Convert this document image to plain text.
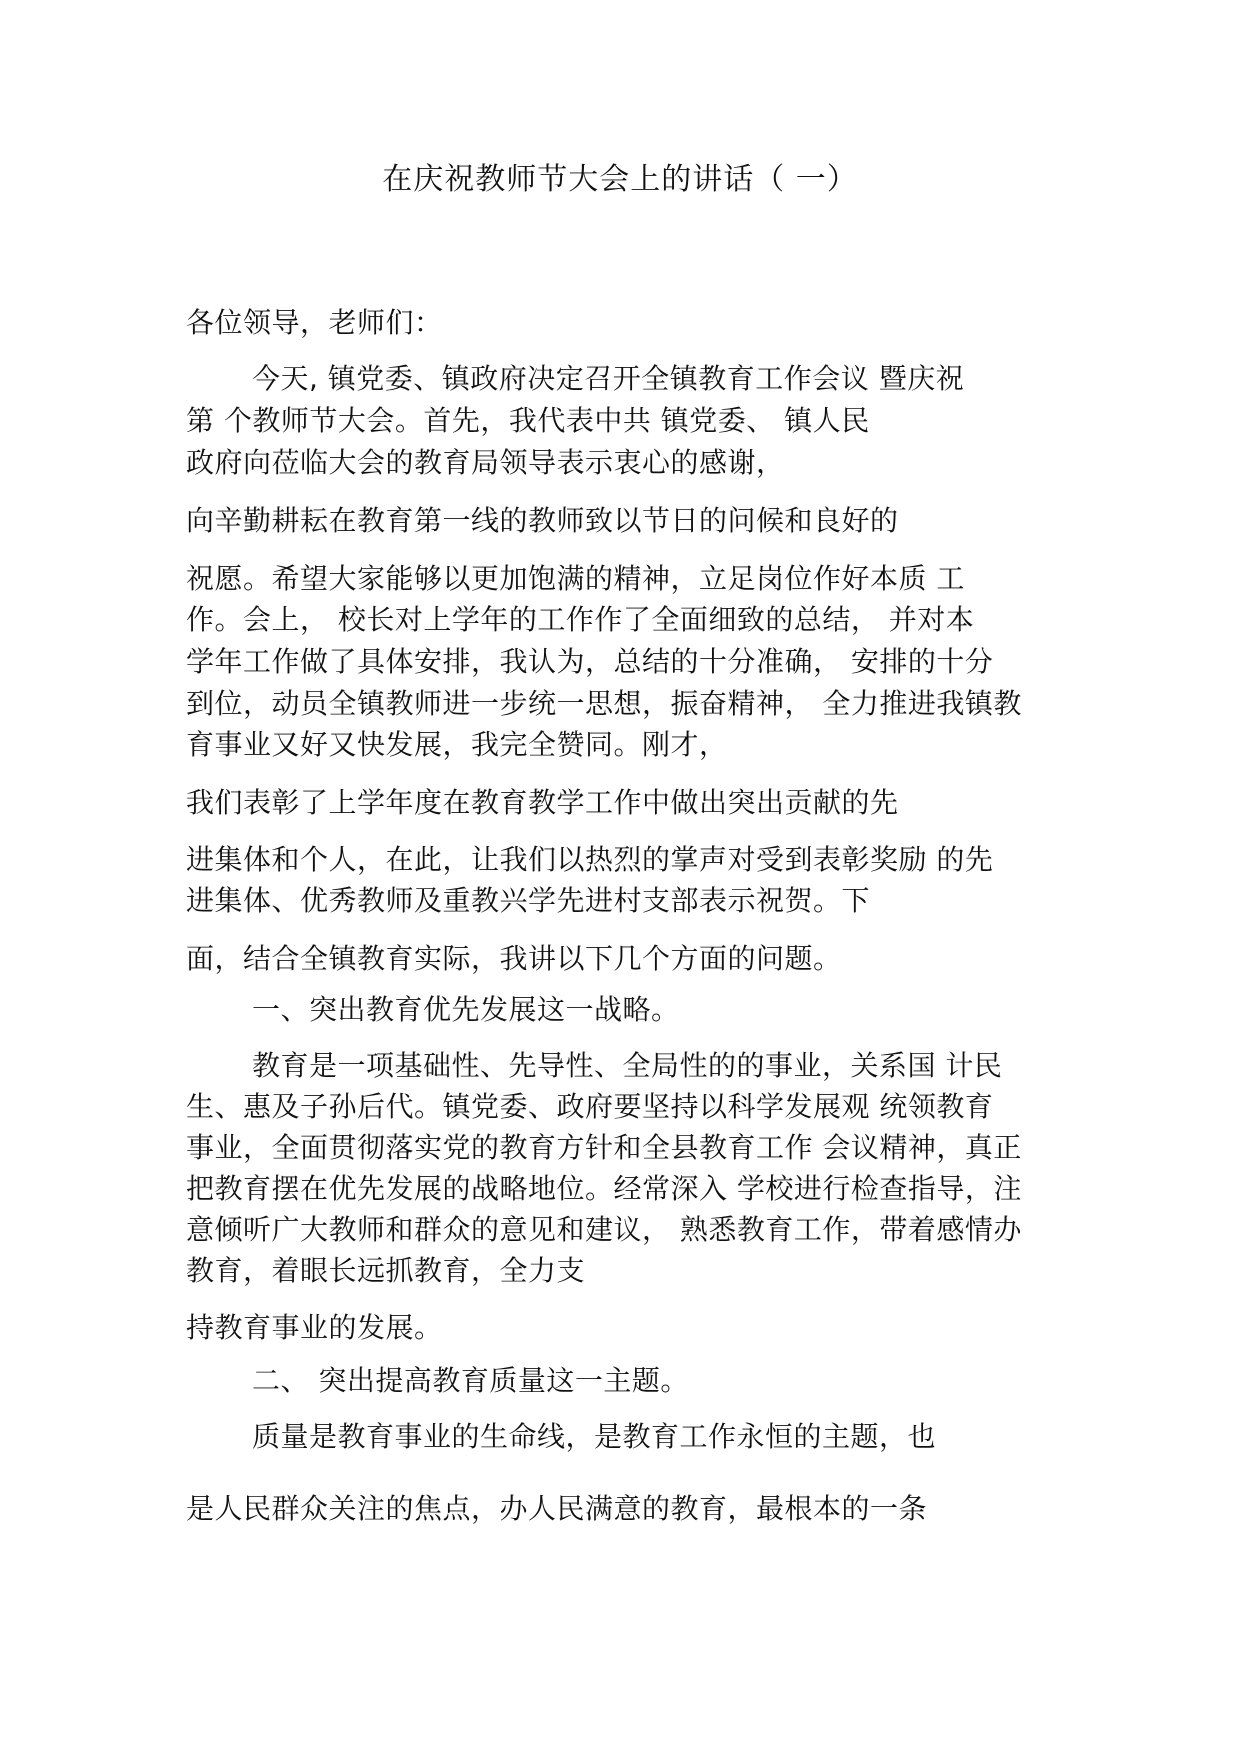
在庆祝教师节大会上的讲话（ 一）
各位领导，老师们：
今天, 镇党委、镇政府决定召开全镇教育工作会议 暨庆祝
第 个教师节大会。首先，我代表中共 镇党委、 镇人民
政府向莅临大会的教育局领导表示衷心的感谢，
向辛勤耕耘在教育第一线的教师致以节日的问候和良好的
祝愿。希望大家能够以更加饱满的精神，立足岗位作好本质 工
作。会上， 校长对上学年的工作作了全面细致的总结， 并对本
学年工作做了具体安排，我认为，总结的十分准确， 安排的十分
到位，动员全镇教师进一步统一思想，振奋精神， 全力推进我镇教
育事业又好又快发展，我完全赞同。刚才，
我们表彰了上学年度在教育教学工作中做出突出贡献的先
进集体和个人，在此，让我们以热烈的掌声对受到表彰奖励 的先
进集体、优秀教师及重教兴学先进村支部表示祝贺。下
面，结合全镇教育实际，我讲以下几个方面的问题。
一、突出教育优先发展这一战略。
教育是一项基础性、先导性、全局性的的事业，关系国 计民
生、惠及子孙后代。镇党委、政府要坚持以科学发展观 统领教育
事业，全面贯彻落实党的教育方针和全县教育工作 会议精神，真正
把教育摆在优先发展的战略地位。经常深入 学校进行检查指导，注
意倾听广大教师和群众的意见和建议， 熟悉教育工作，带着感情办
教育，着眼长远抓教育，全力支
持教育事业的发展。
二、 突出提高教育质量这一主题。
质量是教育事业的生命线，是教育工作永恒的主题，也
是人民群众关注的焦点，办人民满意的教育，最根本的一条
